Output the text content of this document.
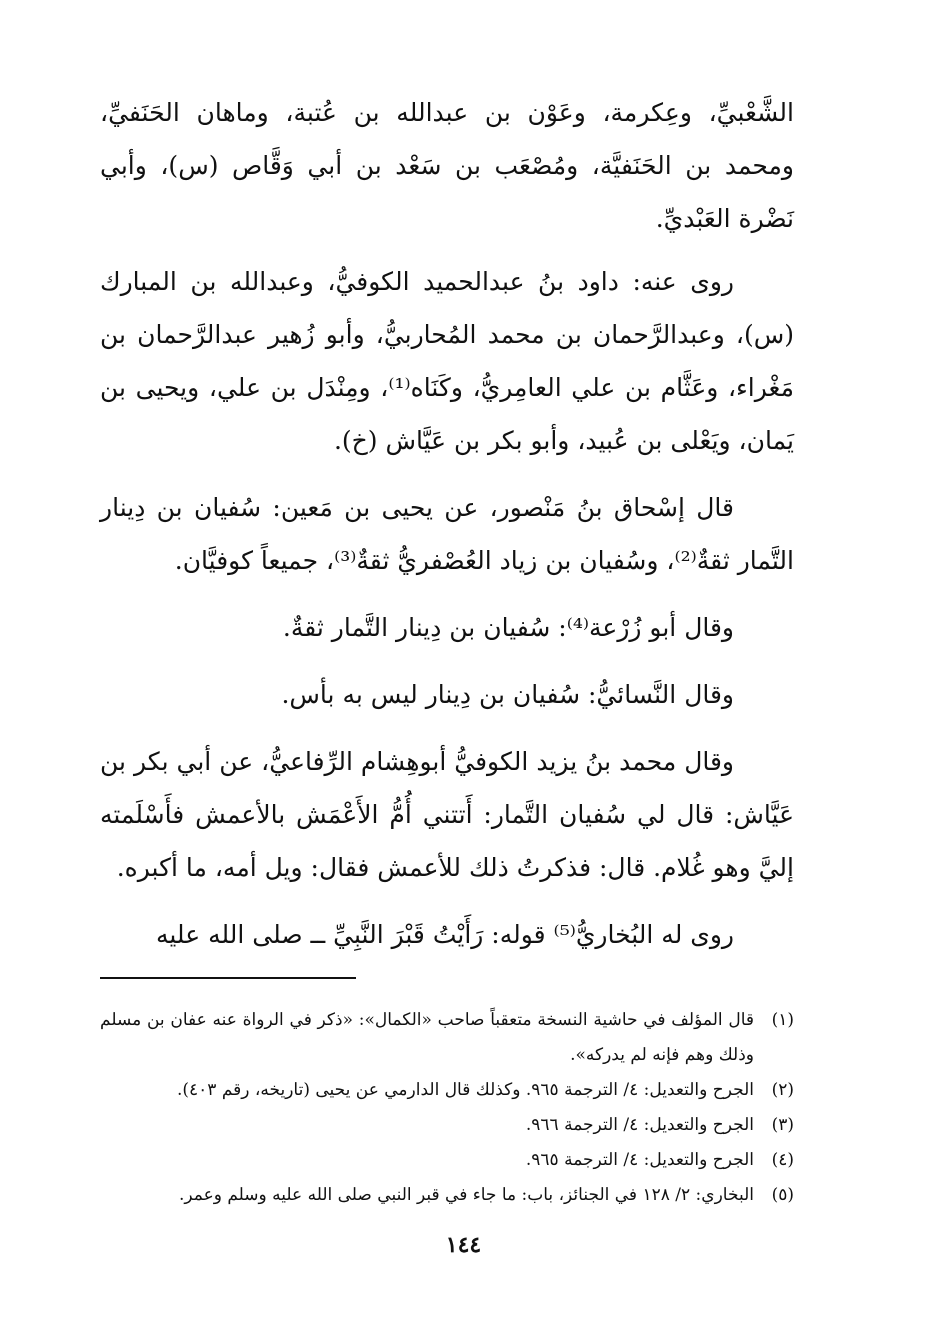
الشَّعْبيِّ، وعِكرمة، وعَوْن بن عبدالله بن عُتبة، وماهان الحَنَفيِّ، ومحمد بن الحَنَفيَّة، ومُصْعَب بن سَعْد بن أبي وَقَّاص (س)، وأبي نَضْرة العَبْديِّ.

روى عنه: داود بنُ عبدالحميد الكوفيُّ، وعبدالله بن المبارك (س)، وعبدالرَّحمان بن محمد المُحاربيُّ، وأبو زُهير عبدالرَّحمان بن مَغْراء، وعَثَّام بن علي العامِريُّ، وكَنَاه⁽¹⁾، ومِنْدَل بن علي، ويحيى بن يَمان، ويَعْلى بن عُبيد، وأبو بكر بن عَيَّاش (خ).

قال إسْحاق بنُ مَنْصور، عن يحيى بن مَعين: سُفيان بن دِينار التَّمار ثقةٌ⁽²⁾، وسُفيان بن زياد العُصْفريُّ ثقةٌ⁽³⁾، جميعاً كوفيَّان.

وقال أبو زُرْعة⁽⁴⁾: سُفيان بن دِينار التَّمار ثقةٌ.

وقال النَّسائيُّ: سُفيان بن دِينار ليس به بأس.

وقال محمد بنُ يزيد الكوفيُّ أبوهِشام الرِّفاعيُّ، عن أبي بكر بن عَيَّاش: قال لي سُفيان التَّمار: أَتتني أُمُّ الأَعْمَش بالأعمش فأَسْلَمته إليَّ وهو غُلام. قال: فذكرتُ ذلك للأعمش فقال: ويل أمه، ما أكبره.

روى له البُخاريُّ⁽⁵⁾ قوله: رَأَيْتُ قَبْرَ النَّبِيِّ ــ صلى الله عليه

(١)
قال المؤلف في حاشية النسخة متعقباً صاحب «الكمال»: «ذكر في الرواة عنه عفان بن مسلم وذلك وهم فإنه لم يدركه».
(٢)
الجرح والتعديل: ٤/ الترجمة ٩٦٥. وكذلك قال الدارمي عن يحيى (تاريخه، رقم ٤٠٣).
(٣)
الجرح والتعديل: ٤/ الترجمة ٩٦٦.
(٤)
الجرح والتعديل: ٤/ الترجمة ٩٦٥.
(٥)
البخاري: ٢/ ١٢٨ في الجنائز، باب: ما جاء في قبر النبي صلى الله عليه وسلم وعمر.
١٤٤
